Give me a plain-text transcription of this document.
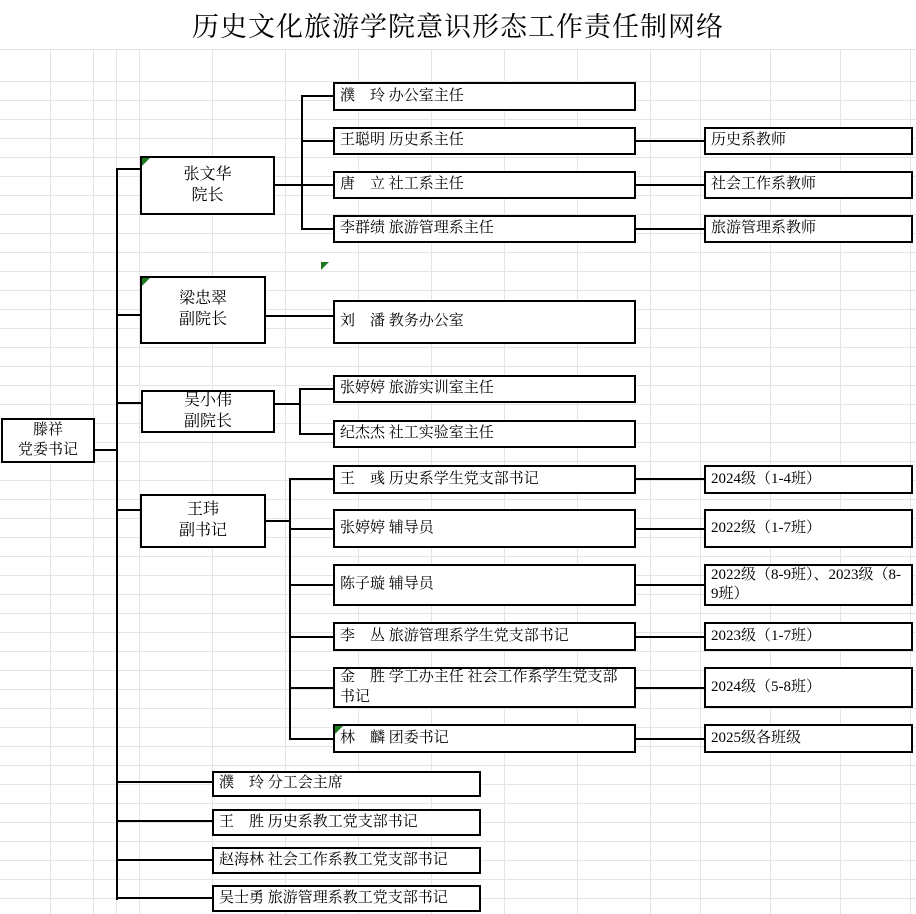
历史文化旅游学院意识形态工作责任制网络
滕祥
党委书记
张文华
院长
梁忠翠
副院长
吴小伟
副院长
王玮
副书记
濮　玲 办公室主任
王聪明 历史系主任
唐　立 社工系主任
李群绩 旅游管理系主任
刘　潘 教务办公室
张婷婷 旅游实训室主任
纪杰杰 社工实验室主任
王　彧 历史系学生党支部书记
张婷婷 辅导员
陈子璇 辅导员
李　丛 旅游管理系学生党支部书记
金　胜 学工办主任 社会工作系学生党支部书记
林　麟 团委书记
历史系教师
社会工作系教师
旅游管理系教师
2024级（1-4班）
2022级（1-7班）
2022级（8-9班）、2023级（8-9班）
2023级（1-7班）
2024级（5-8班）
2025级各班级
濮　玲 分工会主席
王　胜 历史系教工党支部书记
赵海林 社会工作系教工党支部书记
吴士勇 旅游管理系教工党支部书记
